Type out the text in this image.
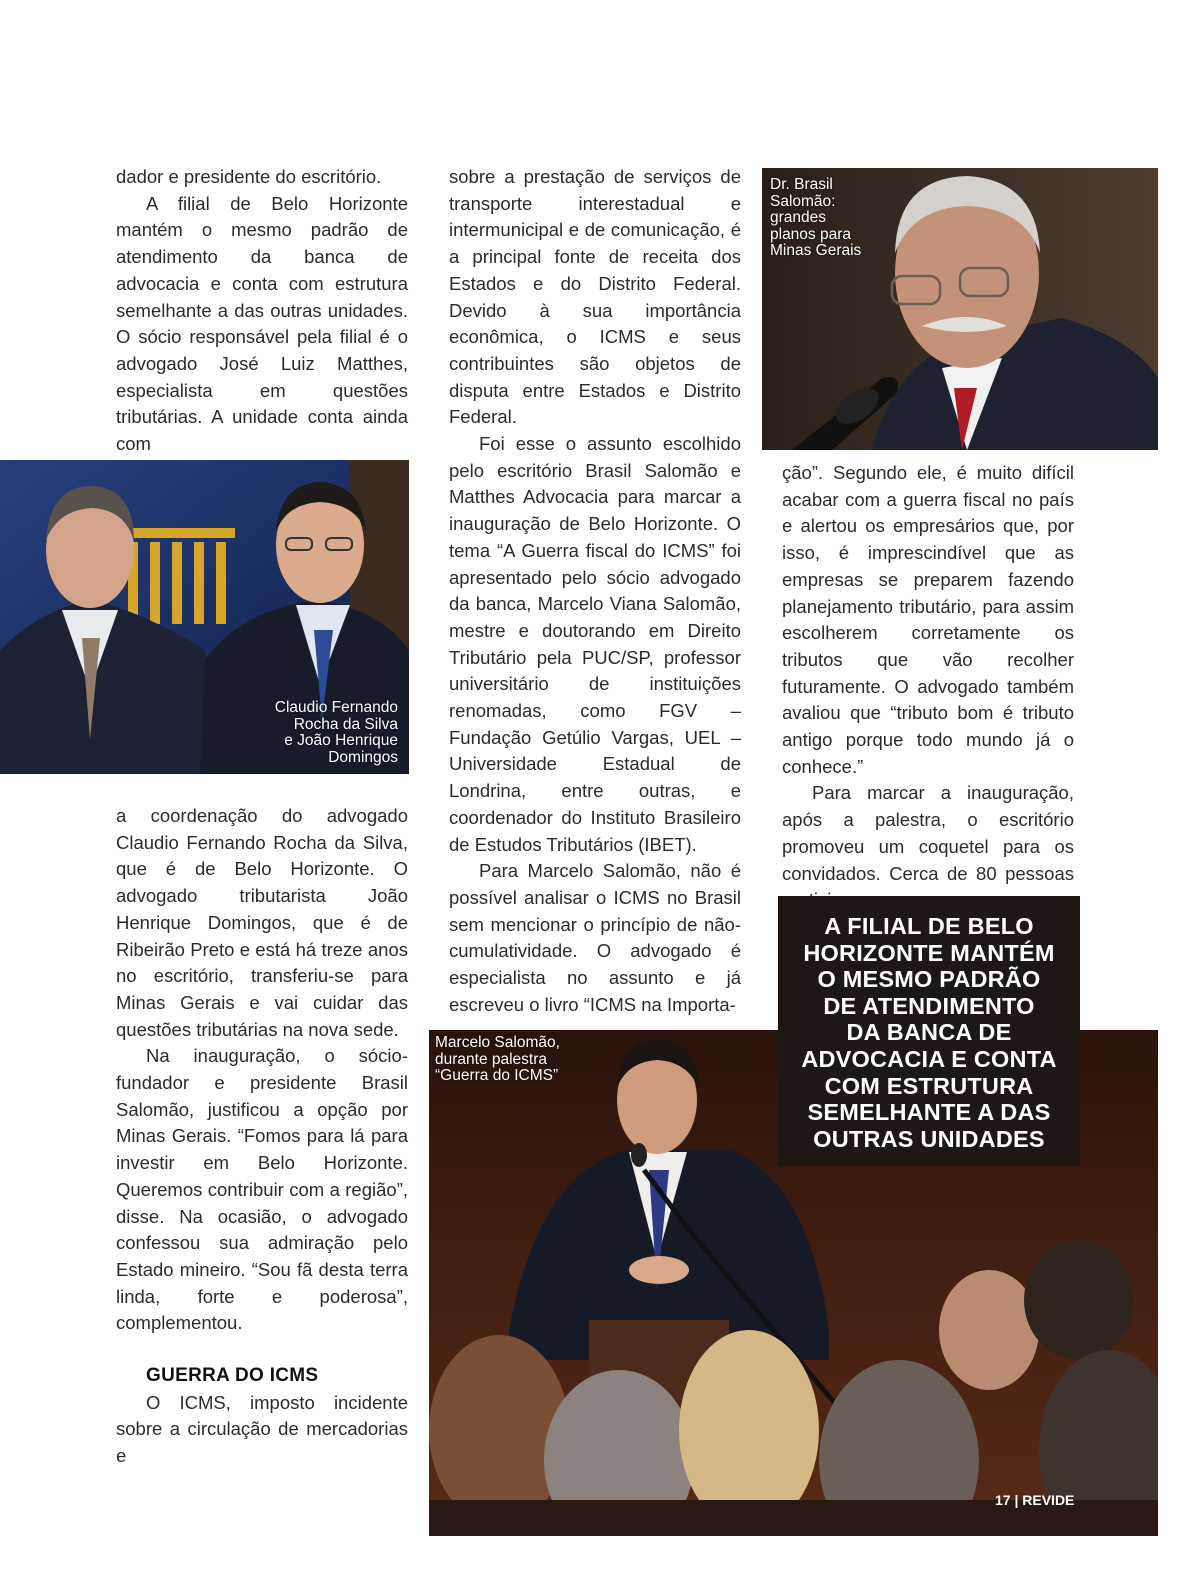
dador e presidente do escritório.

A filial de Belo Horizonte mantém o mesmo padrão de atendimento da banca de advocacia e conta com estrutura semelhante a das outras unidades. O sócio responsável pela filial é o advogado José Luiz Matthes, especialista em questões tributárias. A unidade conta ainda com

Claudio Fernando
Rocha da Silva
e João Henrique
Domingos

a coordenação do advogado Claudio Fernando Rocha da Silva, que é de Belo Horizonte. O advogado tributarista João Henrique Domingos, que é de Ribeirão Preto e está há treze anos no escritório, transferiu-se para Minas Gerais e vai cuidar das questões tributárias na nova sede.

Na inauguração, o sócio-fundador e presidente Brasil Salomão, justificou a opção por Minas Gerais. “Fomos para lá para investir em Belo Horizonte. Queremos contribuir com a região”, disse. Na ocasião, o advogado confessou sua admiração pelo Estado mineiro. “Sou fã desta terra linda, forte e poderosa”, complementou.

GUERRA DO ICMS

O ICMS, imposto incidente sobre a circulação de mercadorias e

sobre a prestação de serviços de transporte interestadual e intermunicipal e de comunicação, é a principal fonte de receita dos Estados e do Distrito Federal. Devido à sua importância econômica, o ICMS e seus contribuintes são objetos de disputa entre Estados e Distrito Federal.

Foi esse o assunto escolhido pelo escritório Brasil Salomão e Matthes Advocacia para marcar a inauguração de Belo Horizonte. O tema “A Guerra fiscal do ICMS” foi apresentado pelo sócio advogado da banca, Marcelo Viana Salomão, mestre e doutorando em Direito Tributário pela PUC/SP, professor universitário de instituições renomadas, como FGV – Fundação Getúlio Vargas, UEL – Universidade Estadual de Londrina, entre outras, e coordenador do Instituto Brasileiro de Estudos Tributários (IBET).

Para Marcelo Salomão, não é possível analisar o ICMS no Brasil sem mencionar o princípio de não-cumulatividade. O advogado é especialista no assunto e já escreveu o livro “ICMS na Importa-

Dr. Brasil
Salomão:
grandes
planos para
Minas Gerais

ção”. Segundo ele, é muito difícil acabar com a guerra fiscal no país e alertou os empresários que, por isso, é imprescindível que as empresas se preparem fazendo planejamento tributário, para assim escolherem corretamente os tributos que vão recolher futuramente. O advogado também avaliou que “tributo bom é tributo antigo porque todo mundo já o conhece.”

Para marcar a inauguração, após a palestra, o escritório promoveu um coquetel para os convidados. Cerca de 80 pessoas

Marcelo Salomão,
durante palestra
“Guerra do ICMS”
A FILIAL DE BELO
HORIZONTE MANTÉM
O MESMO PADRÃO
DE ATENDIMENTO
DA BANCA DE
ADVOCACIA E CONTA
COM ESTRUTURA
SEMELHANTE A DAS
OUTRAS UNIDADES
17 | REVIDE
